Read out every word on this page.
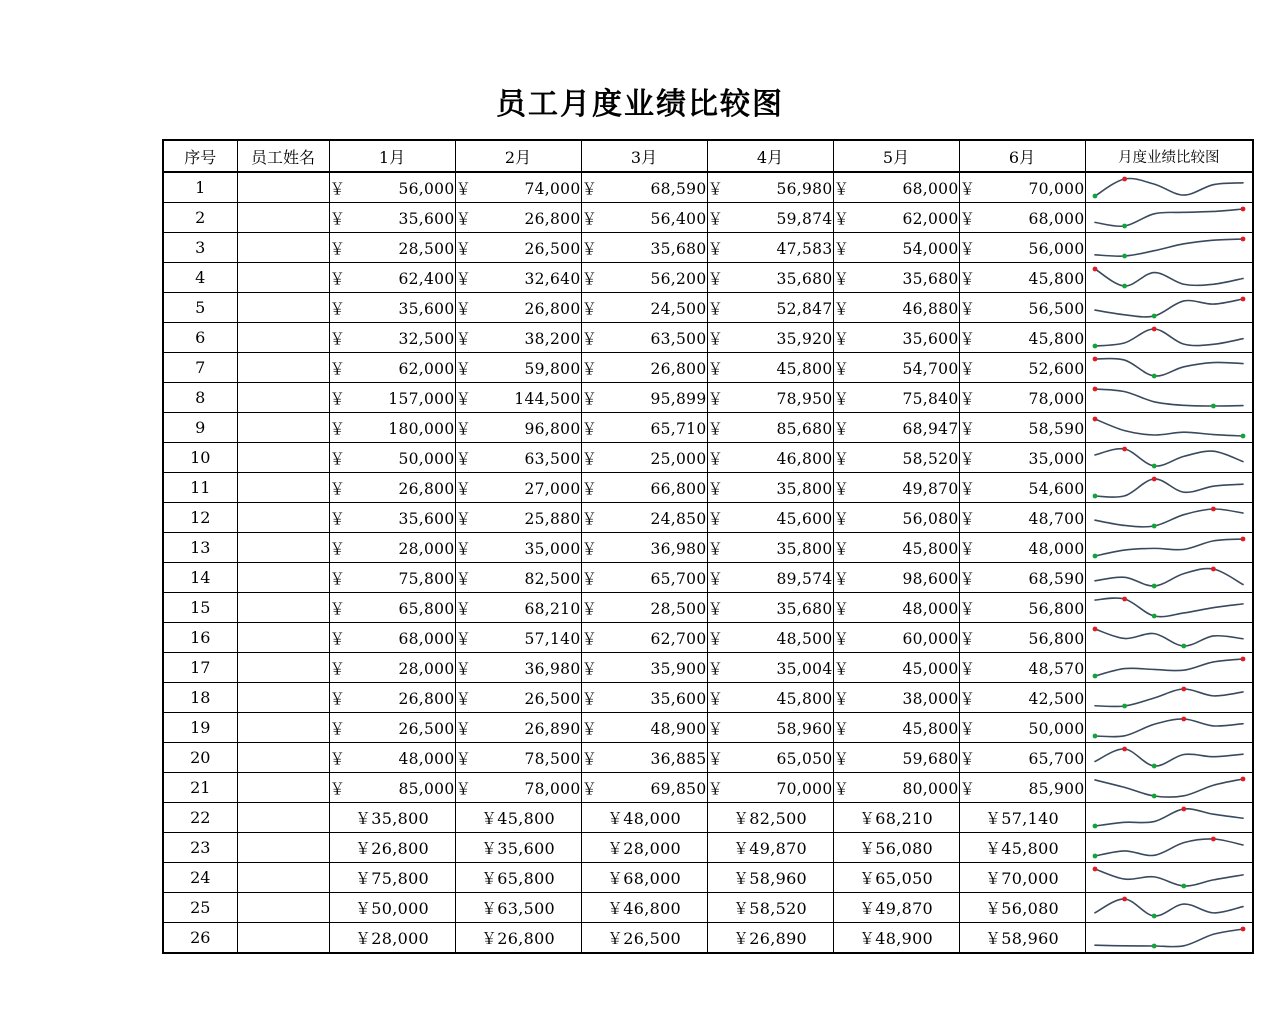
员工月度业绩比较图
序号	员工姓名	1月	2月	3月	4月	5月	6月	月度业绩比较图
1		￥ 56,000	￥ 74,000	￥ 68,590	￥ 56,980	￥ 68,000	￥ 70,000

2		￥ 35,600	￥ 26,800	￥ 56,400	￥ 59,874	￥ 62,000	￥ 68,000

3		￥ 28,500	￥ 26,500	￥ 35,680	￥ 47,583	￥ 54,000	￥ 56,000

4		￥ 62,400	￥ 32,640	￥ 56,200	￥ 35,680	￥ 35,680	￥ 45,800

5		￥ 35,600	￥ 26,800	￥ 24,500	￥ 52,847	￥ 46,880	￥ 56,500

6		￥ 32,500	￥ 38,200	￥ 63,500	￥ 35,920	￥ 35,600	￥ 45,800

7		￥ 62,000	￥ 59,800	￥ 26,800	￥ 45,800	￥ 54,700	￥ 52,600

8		￥ 157,000	￥ 144,500	￥ 95,899	￥ 78,950	￥ 75,840	￥ 78,000

9		￥ 180,000	￥ 96,800	￥ 65,710	￥ 85,680	￥ 68,947	￥ 58,590

10		￥ 50,000	￥ 63,500	￥ 25,000	￥ 46,800	￥ 58,520	￥ 35,000

11		￥ 26,800	￥ 27,000	￥ 66,800	￥ 35,800	￥ 49,870	￥ 54,600

12		￥ 35,600	￥ 25,880	￥ 24,850	￥ 45,600	￥ 56,080	￥ 48,700

13		￥ 28,000	￥ 35,000	￥ 36,980	￥ 35,800	￥ 45,800	￥ 48,000

14		￥ 75,800	￥ 82,500	￥ 65,700	￥ 89,574	￥ 98,600	￥ 68,590

15		￥ 65,800	￥ 68,210	￥ 28,500	￥ 35,680	￥ 48,000	￥ 56,800

16		￥ 68,000	￥ 57,140	￥ 62,700	￥ 48,500	￥ 60,000	￥ 56,800

17		￥ 28,000	￥ 36,980	￥ 35,900	￥ 35,004	￥ 45,000	￥ 48,570

18		￥ 26,800	￥ 26,500	￥ 35,600	￥ 45,800	￥ 38,000	￥ 42,500

19		￥ 26,500	￥ 26,890	￥ 48,900	￥ 58,960	￥ 45,800	￥ 50,000

20		￥ 48,000	￥ 78,500	￥ 36,885	￥ 65,050	￥ 59,680	￥ 65,700

21		￥ 85,000	￥ 78,000	￥ 69,850	￥ 70,000	￥ 80,000	￥ 85,900

22		￥35,800	￥45,800	￥48,000	￥82,500	￥68,210	￥57,140	

23		￥26,800	￥35,600	￥28,000	￥49,870	￥56,080	￥45,800	

24		￥75,800	￥65,800	￥68,000	￥58,960	￥65,050	￥70,000	

25		￥50,000	￥63,500	￥46,800	￥58,520	￥49,870	￥56,080	

26		￥28,000	￥26,800	￥26,500	￥26,890	￥48,900	￥58,960	
